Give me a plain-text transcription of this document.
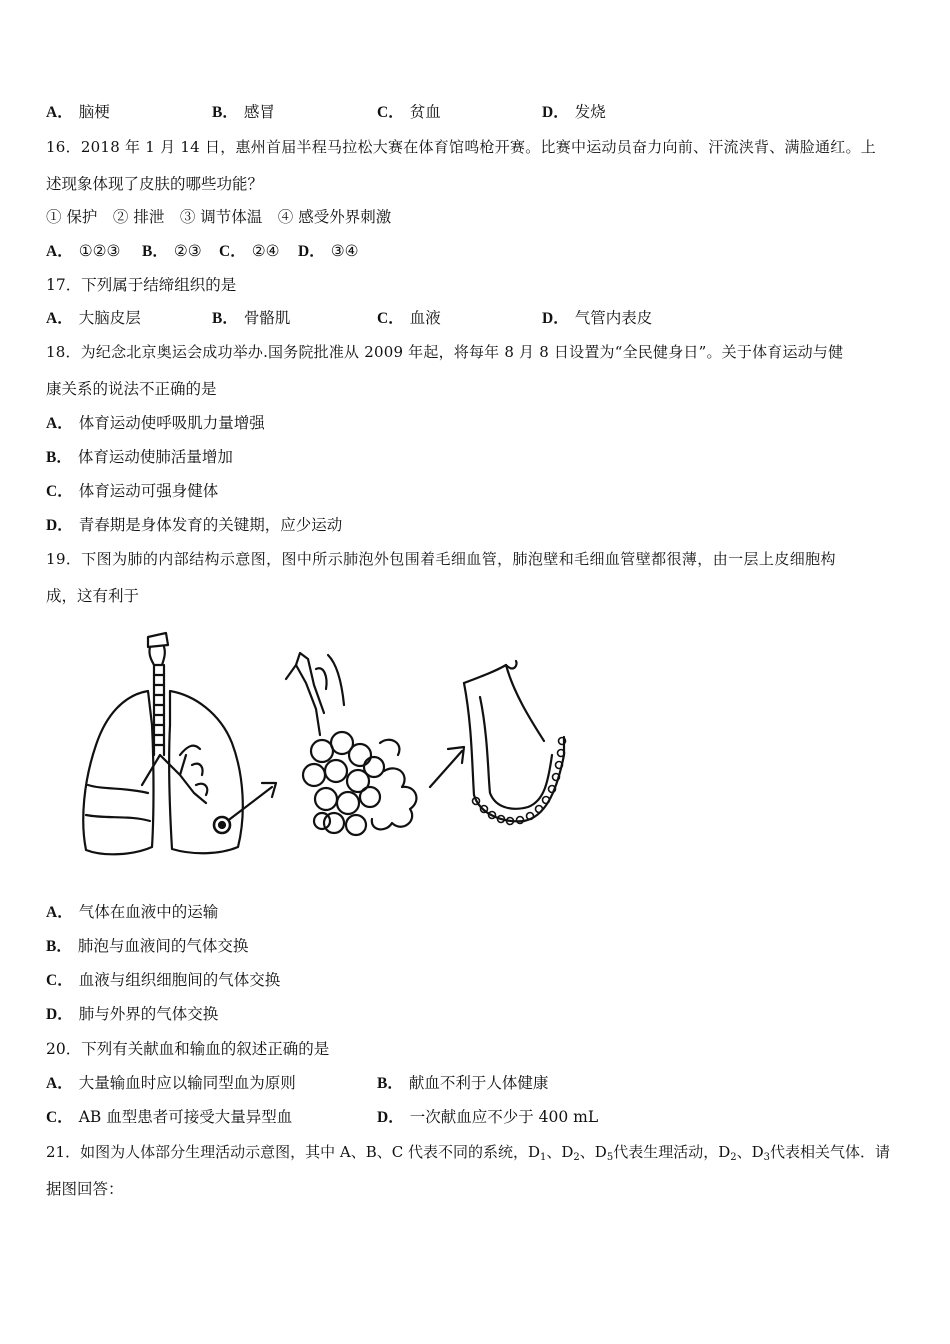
A． 脑梗	B． 感冒	C． 贫血	D． 发烧
16．2018 年 1 月 14 日，惠州首届半程马拉松大赛在体育馆鸣枪开赛。比赛中运动员奋力向前、汗流浃背、满脸通红。上
述现象体现了皮肤的哪些功能？
① 保护　② 排泄　③ 调节体温　④ 感受外界刺激
A． ①②③ B． ②③ C． ②④ D． ③④
17．下列属于结缔组织的是
A． 大脑皮层	B． 骨骼肌	C． 血液	D． 气管内表皮
18．为纪念北京奥运会成功举办.国务院批准从 2009 年起，将每年 8 月 8 日设置为“全民健身日”。关于体育运动与健
康关系的说法不正确的是
A． 体育运动使呼吸肌力量增强
B． 体育运动使肺活量增加
C． 体育运动可强身健体
D． 青春期是身体发育的关键期，应少运动
19．下图为肺的内部结构示意图，图中所示肺泡外包围着毛细血管，肺泡壁和毛细血管壁都很薄，由一层上皮细胞构
成，这有利于
A． 气体在血液中的运输
B． 肺泡与血液间的气体交换
C． 血液与组织细胞间的气体交换
D． 肺与外界的气体交换
20．下列有关献血和输血的叙述正确的是
A． 大量输血时应以输同型血为原则	B． 献血不利于人体健康
C． AB 血型患者可接受大量异型血	D． 一次献血应不少于 400 mL
21．如图为人体部分生理活动示意图，其中 A、B、C 代表不同的系统，$D_1$、$D_2$、$D_5$代表生理活动，$D_2$、$D_3$代表相关气体．请
据图回答：
